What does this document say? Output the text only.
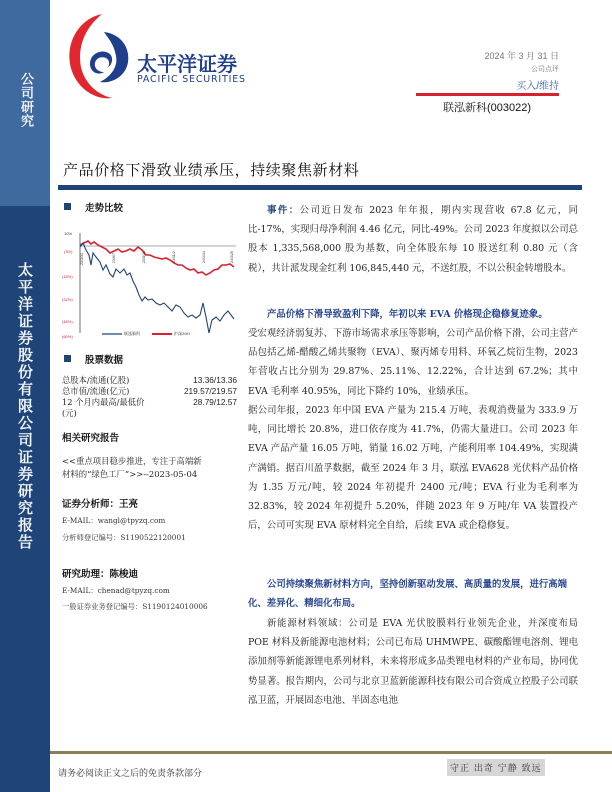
公司研究
太平洋证券股份有限公司证券研究报告
太平洋证券
PACIFIC SECURITIES
2024 年 3 月 31 日
公司点评
买入/维持
联泓新科(003022)
产品价格下滑致业绩承压，持续聚焦新材料
走势比较
10%
(3%)
(16%)
(32%)
(46%)
(60%)
23/3/31	23/6/7	23/8/20	23/11/2	24/1/14	24/3/26
联泓新科	沪深300
股票数据
总股本/流通(亿股)	13.36/13.36
总市值/流通(亿元)	219.57/219.57
12 个月内最高/最低价	28.79/12.57
(元)
相关研究报告
<<重点项目稳步推进，专注于高端新
材料的“绿色工厂”>>--2023-05-04
证券分析师：王亮
E-MAIL：wangl@tpyzq.com
分析师登记编号：S1190522120001
研究助理：陈梭迪
E-MAIL：chenad@tpyzq.com
一般证券业务登记编号：S1190124010006
事件：公司近日发布 2023 年年报，期内实现营收 67.8 亿元，同比-17%，实现归母净利润 4.46 亿元，同比-49%。公司 2023 年度拟以公司总股本 1,335,568,000 股为基数，向全体股东每 10 股送红利 0.80 元（含税），共计派发现金红利 106,845,440 元，不送红股，不以公积金转增股本。
产品价格下滑导致盈利下降，年初以来 EVA 价格现企稳修复迹象。
受宏观经济弱复苏、下游市场需求承压等影响，公司产品价格下滑，公司主营产品包括乙烯-醋酸乙烯共聚物（EVA）、聚丙烯专用料、环氧乙烷衍生物，2023 年营收占比分别为 29.87%、25.11%、12.22%，合计达到 67.2%；其中 EVA 毛利率 40.95%，同比下降约 10%，业绩承压。
据公司年报，2023 年中国 EVA 产量为 215.4 万吨，表观消费量为 333.9 万吨，同比增长 20.8%，进口依存度为 41.7%，仍需大量进口。公司 2023 年 EVA 产品产量 16.05 万吨，销量 16.02 万吨，产能利用率 104.49%，实现满产满销。据百川盈孚数据，截至 2024 年 3 月，联泓 EVA628 光伏料产品价格为 1.35 万元/吨，较 2024 年初提升 2400 元/吨；EVA 行业为毛利率为 32.83%，较 2024 年初提升 5.20%，伴随 2023 年 9 万吨/年 VA 装置投产后，公司可实现 EVA 原材料完全自给，后续 EVA 或企稳修复。
公司持续聚焦新材料方向，坚持创新驱动发展、高质量的发展，进行高端化、差异化、精细化布局。
新能源材料领域：公司是 EVA 光伏胶膜料行业领先企业，并深度布局 POE 材料及新能源电池材料；公司已布局 UHMWPE、碳酸酯锂电溶剂、锂电添加剂等新能源锂电系列材料，未来将形成多品类锂电材料的产业布局，协同优势显著。报告期内，公司与北京卫蓝新能源科技有限公司合资成立控股子公司联泓卫蓝，开展固态电池、半固态电池
请务必阅读正文之后的免责条款部分	守正 出奇 宁静 致远
